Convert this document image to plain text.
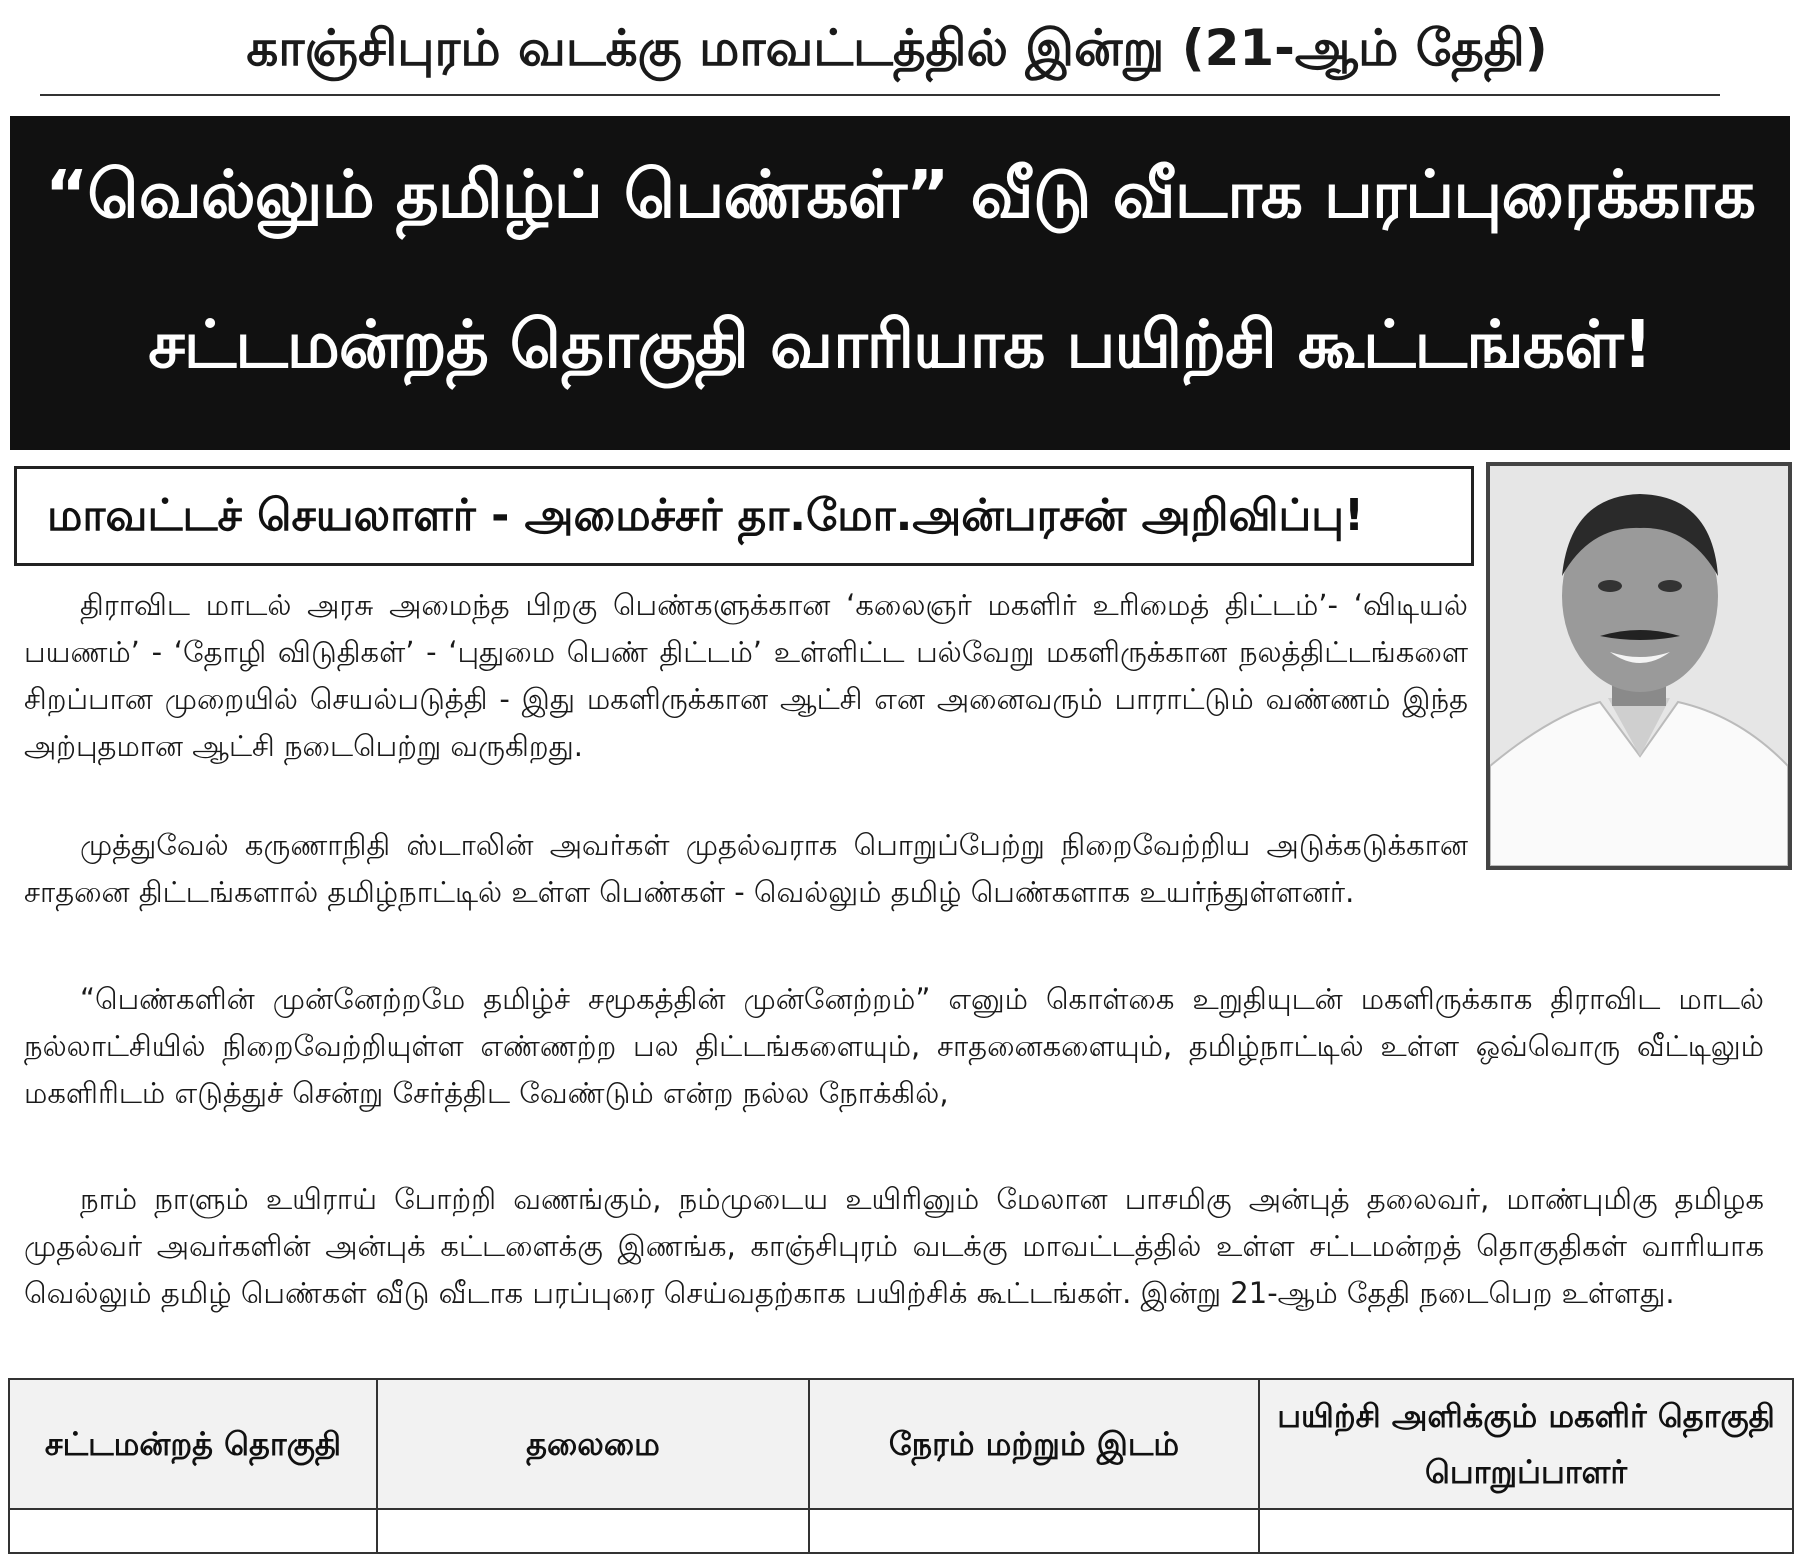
காஞ்சிபுரம் வடக்கு மாவட்டத்தில் இன்று (21-ஆம் தேதி)
“வெல்லும் தமிழ்ப் பெண்கள்” வீடு வீடாக பரப்புரைக்காக
சட்டமன்றத் தொகுதி வாரியாக பயிற்சி கூட்டங்கள்!
மாவட்டச் செயலாளர் - அமைச்சர் தா.மோ.அன்பரசன் அறிவிப்பு!

திராவிட மாடல் அரசு அமைந்த பிறகு பெண்களுக்கான ‘கலைஞர் மகளிர் உரிமைத் திட்டம்’- ‘விடியல் பயணம்’ - ‘தோழி விடுதிகள்’ - ‘புதுமை பெண் திட்டம்’ உள்ளிட்ட பல்வேறு மகளிருக்கான நலத்திட்டங்களை சிறப்பான முறையில் செயல்படுத்தி - இது மகளிருக்கான ஆட்சி என அனைவரும் பாராட்டும் வண்ணம் இந்த அற்புதமான ஆட்சி நடைபெற்று வருகிறது.

முத்துவேல் கருணாநிதி ஸ்டாலின் அவர்கள் முதல்வராக பொறுப்பேற்று நிறைவேற்றிய அடுக்கடுக்கான சாதனை திட்டங்களால் தமிழ்நாட்டில் உள்ள பெண்கள் - வெல்லும் தமிழ் பெண்களாக உயர்ந்துள்ளனர்.

“பெண்களின் முன்னேற்றமே தமிழ்ச் சமூகத்தின் முன்னேற்றம்” எனும் கொள்கை உறுதியுடன் மகளிருக்காக திராவிட மாடல் நல்லாட்சியில் நிறைவேற்றியுள்ள எண்ணற்ற பல திட்டங்களையும், சாதனைகளையும், தமிழ்நாட்டில் உள்ள ஒவ்வொரு வீட்டிலும் மகளிரிடம் எடுத்துச் சென்று சேர்த்திட வேண்டும் என்ற நல்ல நோக்கில்,

நாம் நாளும் உயிராய் போற்றி வணங்கும், நம்முடைய உயிரினும் மேலான பாசமிகு அன்புத் தலைவர், மாண்புமிகு தமிழக முதல்வர் அவர்களின் அன்புக் கட்டளைக்கு இணங்க, காஞ்சிபுரம் வடக்கு மாவட்டத்தில் உள்ள சட்டமன்றத் தொகுதிகள் வாரியாக வெல்லும் தமிழ் பெண்கள் வீடு வீடாக பரப்புரை செய்வதற்காக பயிற்சிக் கூட்டங்கள். இன்று 21-ஆம் தேதி நடைபெற உள்ளது.

சட்டமன்றத் தொகுதி	தலைமை	நேரம் மற்றும் இடம்	பயிற்சி அளிக்கும் மகளிர் தொகுதி பொறுப்பாளர்
